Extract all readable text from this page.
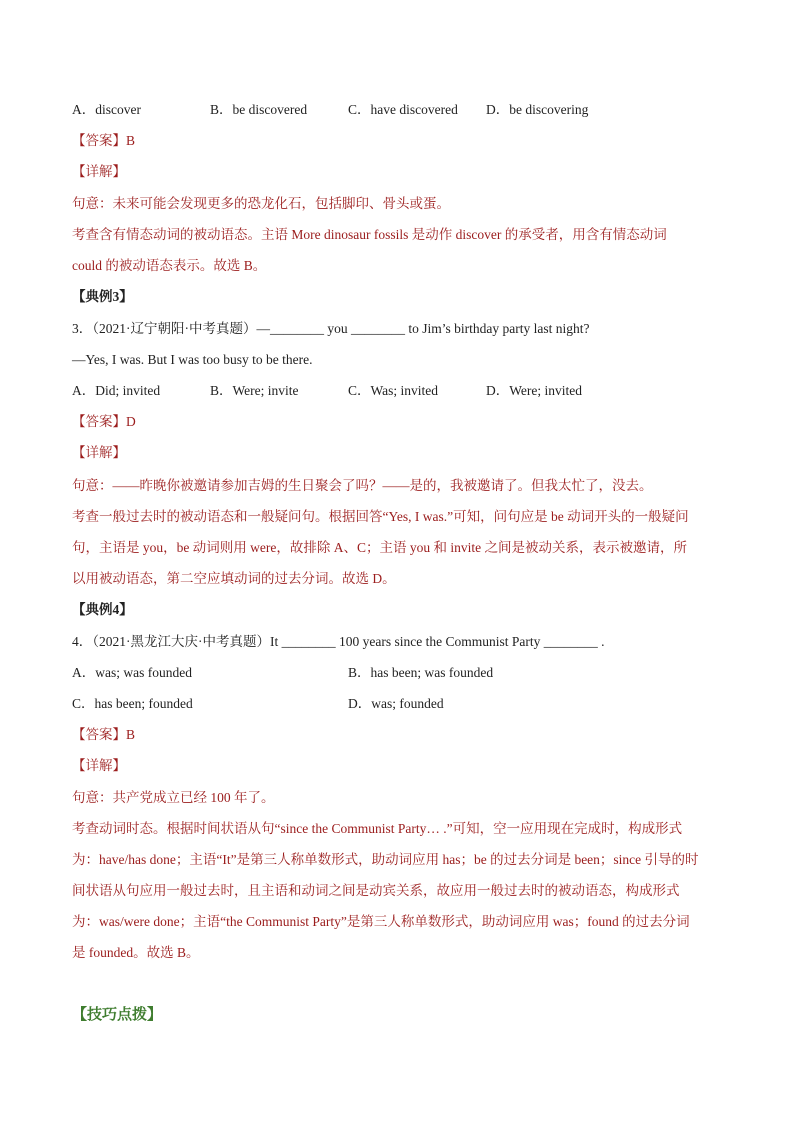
A．discover	B．be discovered	C．have discovered D．be discovering
【答案】B
【详解】
句意：未来可能会发现更多的恐龙化石，包括脚印、骨头或蛋。
考查含有情态动词的被动语态。主语 More dinosaur fossils 是动作 discover 的承受者，用含有情态动词
could 的被动语态表示。故选 B。
【典例3】
3．（2021·辽宁朝阳·中考真题）—________ you ________ to Jim’s birthday party last night?
—Yes, I was. But I was too busy to be there.
A．Did; invited	B．Were; invite	C．Was; invited	D．Were; invited
【答案】D
【详解】
句意：——昨晚你被邀请参加吉姆的生日聚会了吗？——是的，我被邀请了。但我太忙了，没去。
考查一般过去时的被动语态和一般疑问句。根据回答“Yes, I was.”可知，问句应是 be 动词开头的一般疑问
句，主语是 you，be 动词则用 were，故排除 A、C；主语 you 和 invite 之间是被动关系，表示被邀请，所
以用被动语态，第二空应填动词的过去分词。故选 D。
【典例4】
4．（2021·黑龙江大庆·中考真题）It ________ 100 years since the Communist Party ________ .
A．was; was founded	B．has been; was founded
C．has been; founded	D．was; founded
【答案】B
【详解】
句意：共产党成立已经 100 年了。
考查动词时态。根据时间状语从句“since the Communist Party… .”可知，空一应用现在完成时，构成形式
为：have/has done；主语“It”是第三人称单数形式，助动词应用 has；be 的过去分词是 been；since 引导的时
间状语从句应用一般过去时，且主语和动词之间是动宾关系，故应用一般过去时的被动语态，构成形式
为：was/were done；主语“the Communist Party”是第三人称单数形式，助动词应用 was；found 的过去分词
是 founded。故选 B。
【技巧点拨】
